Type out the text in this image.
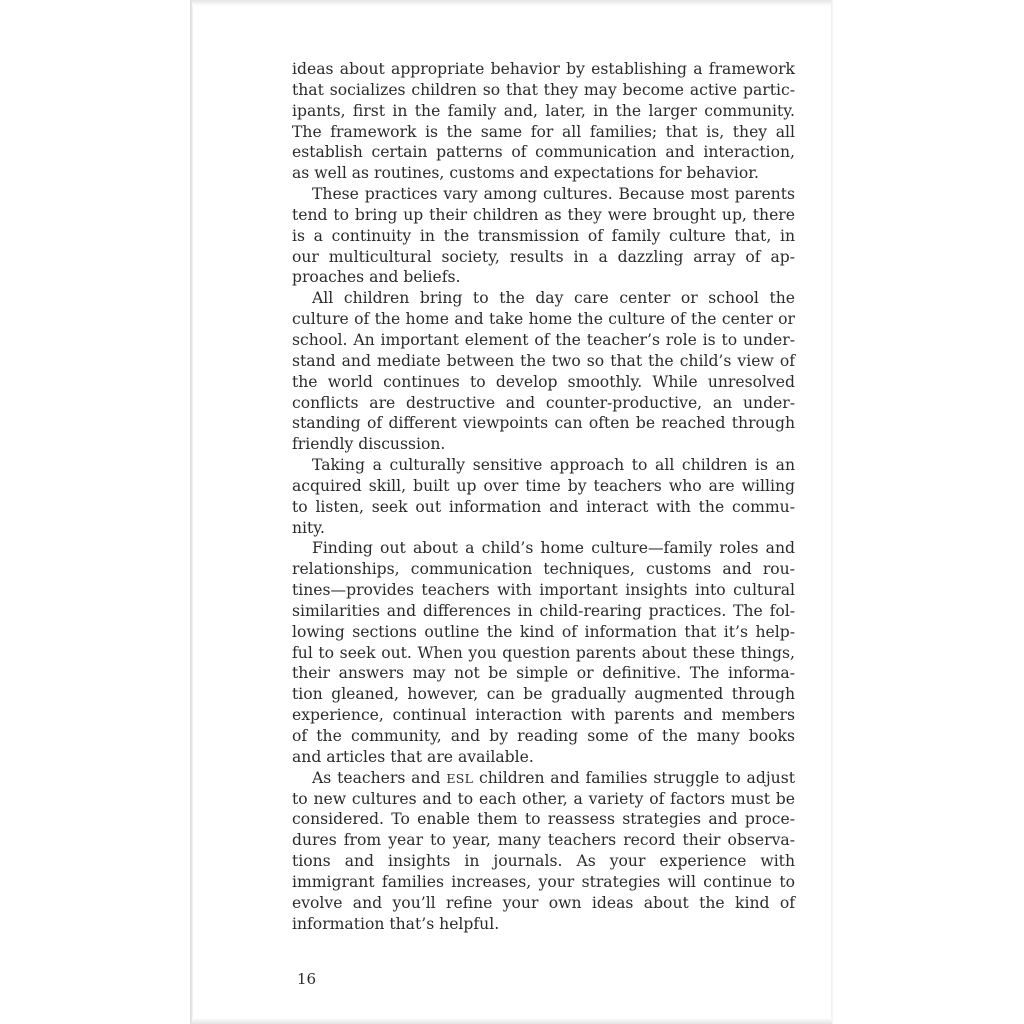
ideas about appropriate behavior by establishing a framework
that socializes children so that they may become active partic-
ipants, first in the family and, later, in the larger community.
The framework is the same for all families; that is, they all
establish certain patterns of communication and interaction,
as well as routines, customs and expectations for behavior.
These practices vary among cultures. Because most parents
tend to bring up their children as they were brought up, there
is a continuity in the transmission of family culture that, in
our multicultural society, results in a dazzling array of ap-
proaches and beliefs.
All children bring to the day care center or school the
culture of the home and take home the culture of the center or
school. An important element of the teacher’s role is to under-
stand and mediate between the two so that the child’s view of
the world continues to develop smoothly. While unresolved
conflicts are destructive and counter-productive, an under-
standing of different viewpoints can often be reached through
friendly discussion.
Taking a culturally sensitive approach to all children is an
acquired skill, built up over time by teachers who are willing
to listen, seek out information and interact with the commu-
nity.
Finding out about a child’s home culture—family roles and
relationships, communication techniques, customs and rou-
tines—provides teachers with important insights into cultural
similarities and differences in child-rearing practices. The fol-
lowing sections outline the kind of information that it’s help-
ful to seek out. When you question parents about these things,
their answers may not be simple or definitive. The informa-
tion gleaned, however, can be gradually augmented through
experience, continual interaction with parents and members
of the community, and by reading some of the many books
and articles that are available.
As teachers and ESL children and families struggle to adjust
to new cultures and to each other, a variety of factors must be
considered. To enable them to reassess strategies and proce-
dures from year to year, many teachers record their observa-
tions and insights in journals. As your experience with
immigrant families increases, your strategies will continue to
evolve and you’ll refine your own ideas about the kind of
information that’s helpful.
16
